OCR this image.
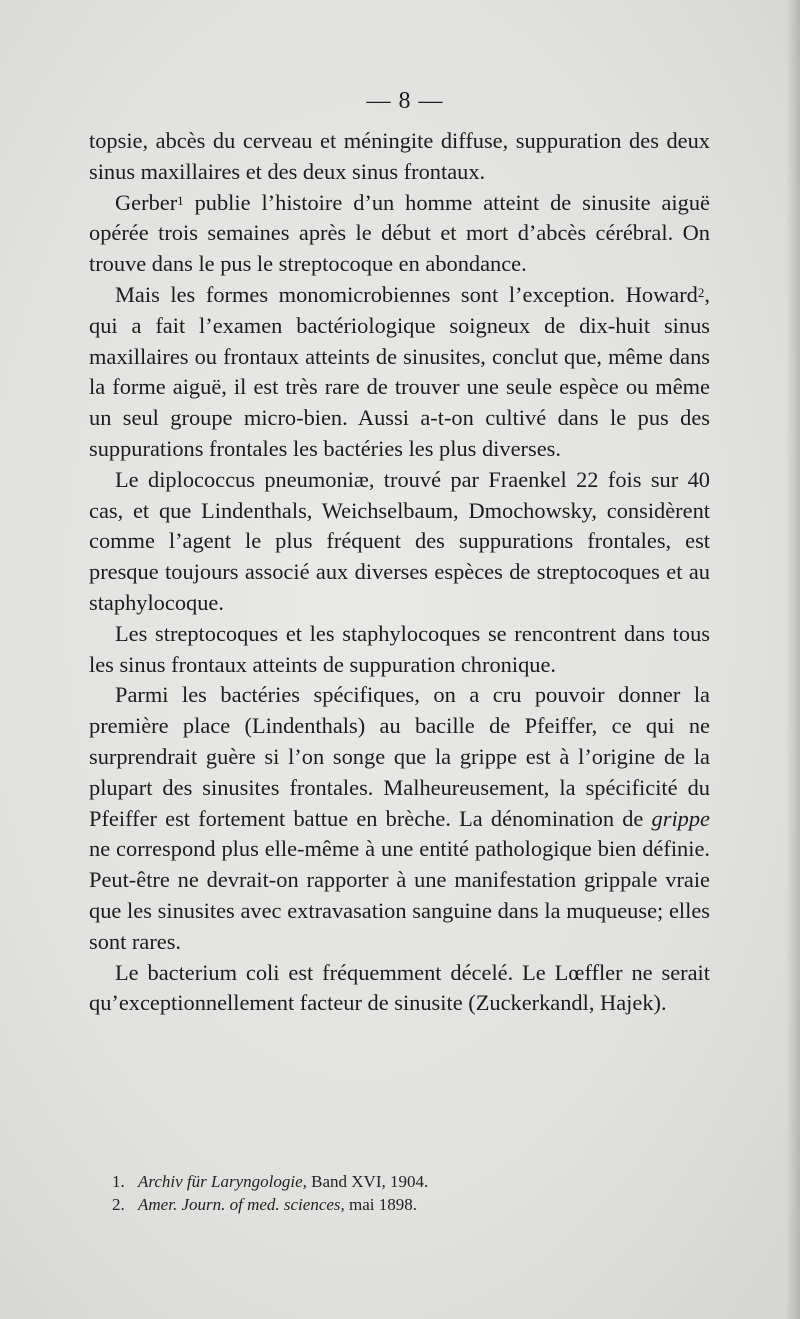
— 8 —

topsie, abcès du cerveau et méningite diffuse, suppuration des deux sinus maxillaires et des deux sinus frontaux.

Gerber$^1$ publie l’histoire d’un homme atteint de sinusite aiguë opérée trois semaines après le début et mort d’abcès cérébral. On trouve dans le pus le streptocoque en abondance.

Mais les formes monomicrobiennes sont l’exception. Howard$^2$, qui a fait l’examen bactériologique soigneux de dix-huit sinus maxillaires ou frontaux atteints de sinusites, conclut que, même dans la forme aiguë, il est très rare de trouver une seule espèce ou même un seul groupe micro-bien. Aussi a-t-on cultivé dans le pus des suppurations frontales les bactéries les plus diverses.

Le diplococcus pneumoniæ, trouvé par Fraenkel 22 fois sur 40 cas, et que Lindenthals, Weichselbaum, Dmochowsky, considèrent comme l’agent le plus fréquent des suppurations frontales, est presque toujours associé aux diverses espèces de streptocoques et au staphylocoque.

Les streptocoques et les staphylocoques se rencontrent dans tous les sinus frontaux atteints de suppuration chronique.

Parmi les bactéries spécifiques, on a cru pouvoir donner la première place (Lindenthals) au bacille de Pfeiffer, ce qui ne surprendrait guère si l’on songe que la grippe est à l’origine de la plupart des sinusites frontales. Malheureusement, la spécificité du Pfeiffer est fortement battue en brèche. La dénomination de grippe ne correspond plus elle-même à une entité pathologique bien définie. Peut-être ne devrait-on rapporter à une manifestation grippale vraie que les sinusites avec extravasation sanguine dans la muqueuse; elles sont rares.

Le bacterium coli est fréquemment décelé. Le Lœffler ne serait qu’exceptionnellement facteur de sinusite (Zuckerkandl, Hajek).

1. Archiv für Laryngologie, Band XVI, 1904.

2. Amer. Journ. of med. sciences, mai 1898.
